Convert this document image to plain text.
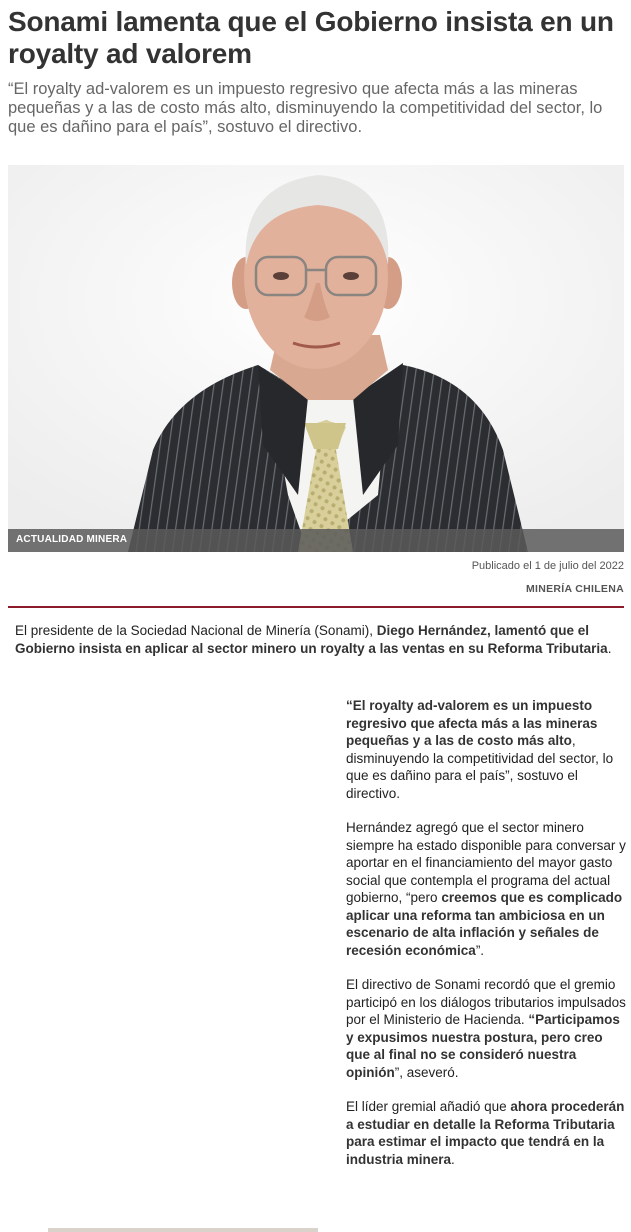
Sonami lamenta que el Gobierno insista en un royalty ad valorem

“El royalty ad-valorem es un impuesto regresivo que afecta más a las mineras pequeñas y a las de costo más alto, disminuyendo la competitividad del sector, lo que es dañino para el país”, sostuvo el directivo.

ACTUALIDAD MINERA
Publicado el 1 de julio del 2022
MINERÍA CHILENA

El presidente de la Sociedad Nacional de Minería (Sonami), Diego Hernández, lamentó que el Gobierno insista en aplicar al sector minero un royalty a las ventas en su Reforma Tributaria.

“El royalty ad-valorem es un impuesto regresivo que afecta más a las mineras pequeñas y a las de costo más alto, disminuyendo la competitividad del sector, lo que es dañino para el país”, sostuvo el directivo.

Hernández agregó que el sector minero siempre ha estado disponible para conversar y aportar en el financiamiento del mayor gasto social que contempla el programa del actual gobierno, “pero creemos que es complicado aplicar una reforma tan ambiciosa en un escenario de alta inflación y señales de recesión económica”.

El directivo de Sonami recordó que el gremio participó en los diálogos tributarios impulsados por el Ministerio de Hacienda. “Participamos y expusimos nuestra postura, pero creo que al final no se consideró nuestra opinión”, aseveró.

El líder gremial añadió que ahora procederán a estudiar en detalle la Reforma Tributaria para estimar el impacto que tendrá en la industria minera.
